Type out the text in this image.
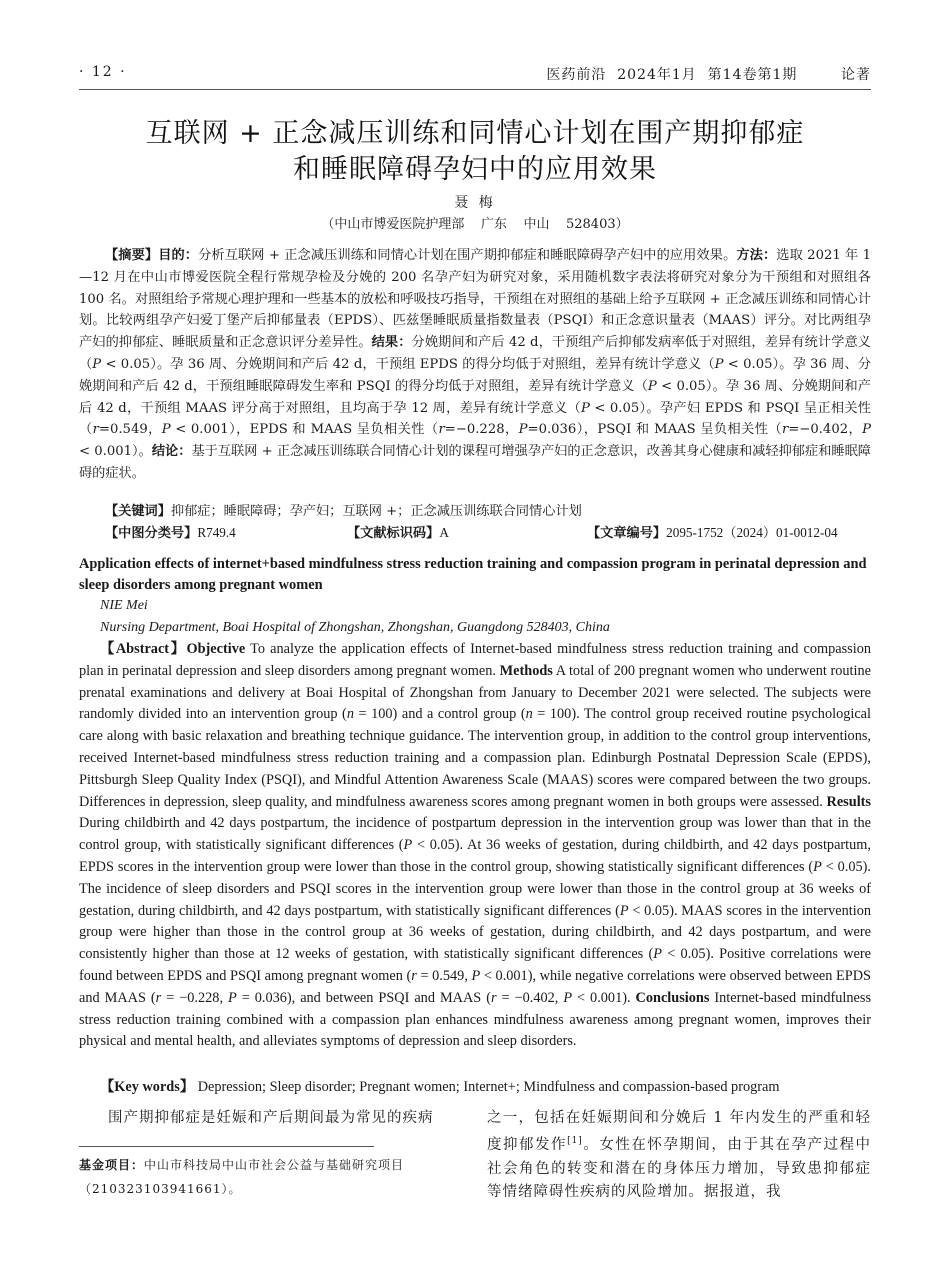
· 12 ·	医药前沿  2024年1月  第14卷第1期        论著
互联网 + 正念减压训练和同情心计划在围产期抑郁症
和睡眠障碍孕妇中的应用效果
聂 梅
（中山市博爱医院护理部    广东    中山    528403）
【摘要】目的：分析互联网 + 正念减压训练和同情心计划在围产期抑郁症和睡眠障碍孕产妇中的应用效果。方法：选取 2021 年 1—12 月在中山市博爱医院全程行常规孕检及分娩的 200 名孕产妇为研究对象，采用随机数字表法将研究对象分为干预组和对照组各 100 名。对照组给予常规心理护理和一些基本的放松和呼吸技巧指导，干预组在对照组的基础上给予互联网 + 正念减压训练和同情心计划。比较两组孕产妇爱丁堡产后抑郁量表（EPDS）、匹兹堡睡眠质量指数量表（PSQI）和正念意识量表（MAAS）评分。对比两组孕产妇的抑郁症、睡眠质量和正念意识评分差异性。结果：分娩期间和产后 42 d，干预组产后抑郁发病率低于对照组，差异有统计学意义（P < 0.05）。孕 36 周、分娩期间和产后 42 d，干预组 EPDS 的得分均低于对照组，差异有统计学意义（P < 0.05）。孕 36 周、分娩期间和产后 42 d，干预组睡眠障碍发生率和 PSQI 的得分均低于对照组，差异有统计学意义（P < 0.05）。孕 36 周、分娩期间和产后 42 d，干预组 MAAS 评分高于对照组，且均高于孕 12 周，差异有统计学意义（P < 0.05）。孕产妇 EPDS 和 PSQI 呈正相关性（r=0.549，P < 0.001），EPDS 和 MAAS 呈负相关性（r=−0.228，P=0.036），PSQI 和 MAAS 呈负相关性（r=−0.402，P < 0.001）。结论：基于互联网 + 正念减压训练联合同情心计划的课程可增强孕产妇的正念意识，改善其身心健康和减轻抑郁症和睡眠障碍的症状。
【关键词】抑郁症；睡眠障碍；孕产妇；互联网 +；正念减压训练联合同情心计划
【中图分类号】R749.4	【文献标识码】A	【文章编号】2095-1752（2024）01-0012-04
Application effects of internet+based mindfulness stress reduction training and compassion program in perinatal depression and sleep disorders among pregnant women
NIE Mei
Nursing Department, Boai Hospital of Zhongshan, Zhongshan, Guangdong 528403, China
【Abstract】Objective To analyze the application effects of Internet-based mindfulness stress reduction training and compassion plan in perinatal depression and sleep disorders among pregnant women. Methods A total of 200 pregnant women who underwent routine prenatal examinations and delivery at Boai Hospital of Zhongshan from January to December 2021 were selected. The subjects were randomly divided into an intervention group (n = 100) and a control group (n = 100). The control group received routine psychological care along with basic relaxation and breathing technique guidance. The intervention group, in addition to the control group interventions, received Internet-based mindfulness stress reduction training and a compassion plan. Edinburgh Postnatal Depression Scale (EPDS), Pittsburgh Sleep Quality Index (PSQI), and Mindful Attention Awareness Scale (MAAS) scores were compared between the two groups. Differences in depression, sleep quality, and mindfulness awareness scores among pregnant women in both groups were assessed. Results During childbirth and 42 days postpartum, the incidence of postpartum depression in the intervention group was lower than that in the control group, with statistically significant differences (P < 0.05). At 36 weeks of gestation, during childbirth, and 42 days postpartum, EPDS scores in the intervention group were lower than those in the control group, showing statistically significant differences (P < 0.05). The incidence of sleep disorders and PSQI scores in the intervention group were lower than those in the control group at 36 weeks of gestation, during childbirth, and 42 days postpartum, with statistically significant differences (P < 0.05). MAAS scores in the intervention group were higher than those in the control group at 36 weeks of gestation, during childbirth, and 42 days postpartum, and were consistently higher than those at 12 weeks of gestation, with statistically significant differences (P < 0.05). Positive correlations were found between EPDS and PSQI among pregnant women (r = 0.549, P < 0.001), while negative correlations were observed between EPDS and MAAS (r = −0.228, P = 0.036), and between PSQI and MAAS (r = −0.402, P < 0.001). Conclusions Internet-based mindfulness stress reduction training combined with a compassion plan enhances mindfulness awareness among pregnant women, improves their physical and mental health, and alleviates symptoms of depression and sleep disorders.
【Key words】 Depression; Sleep disorder; Pregnant women; Internet+; Mindfulness and compassion-based program
围产期抑郁症是妊娠和产后期间最为常见的疾病
基金项目：中山市科技局中山市社会公益与基础研究项目（210323103941661）。
之一，包括在妊娠期间和分娩后 1 年内发生的严重和轻度抑郁发作[1]。女性在怀孕期间，由于其在孕产过程中社会角色的转变和潜在的身体压力增加，导致患抑郁症等情绪障碍性疾病的风险增加。据报道，我
